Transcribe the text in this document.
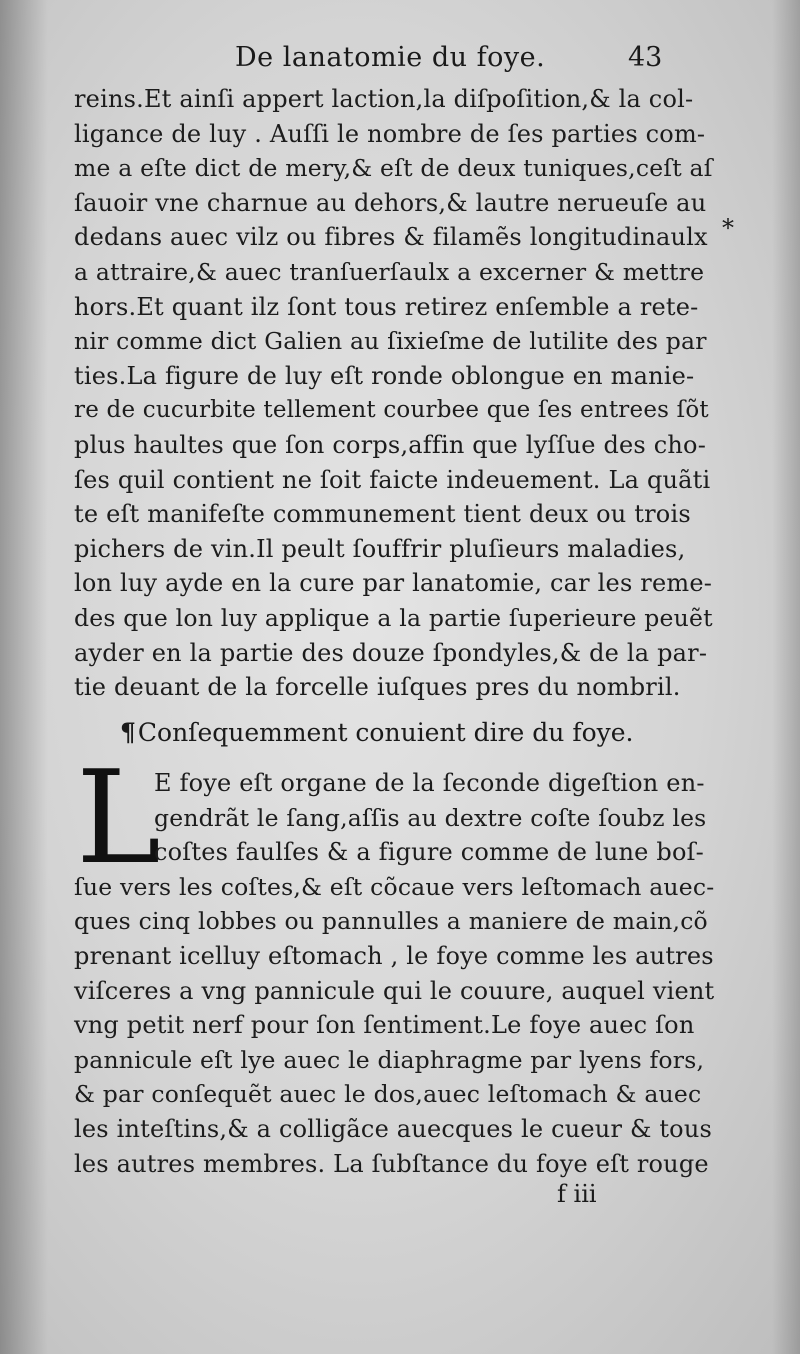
De lanatomie du foye.	43
*
reins.Et ainſi appert laction,la diſpoſition,& la col-
ligance de luy . Auſſi le nombre de ſes parties com-
me a eſte dict de mery,& eſt de deux tuniques,ceſt aſ
ſauoir vne charnue au dehors,& lautre nerueuſe au
dedans auec vilz ou fibres & filamẽs longitudinaulx
a attraire,& auec tranſuerſaulx a excerner & mettre
hors.Et quant ilz ſont tous retirez enſemble a rete-
nir comme dict Galien au ſixieſme de lutilite des par
ties.La figure de luy eſt ronde oblongue en manie-
re de cucurbite tellement courbee que ſes entrees ſõt
plus haultes que ſon corps,affin que lyſſue des cho-
ſes quil contient ne ſoit faicte indeuement. La quãti
te eſt manifeſte communement tient deux ou trois
pichers de vin.Il peult ſouffrir pluſieurs maladies,
lon luy ayde en la cure par lanatomie, car les reme-
des que lon luy applique a la partie ſuperieure peuẽt
ayder en la partie des douze ſpondyles,& de la par-
tie deuant de la forcelle iuſques pres du nombril.
¶Conſequemment conuient dire du foye.
L
E foye eſt organe de la ſeconde digeſtion en-
gendrãt le ſang,aſſis au dextre coſte ſoubz les
coſtes faulſes & a figure comme de lune boſ-
ſue vers les coſtes,& eſt cõcaue vers leſtomach auec-
ques cinq lobbes ou pannulles a maniere de main,cõ
prenant icelluy eſtomach , le foye comme les autres
viſceres a vng pannicule qui le couure, auquel vient
vng petit nerf pour ſon ſentiment.Le foye auec ſon
pannicule eſt lye auec le diaphragme par lyens fors,
& par conſequẽt auec le dos,auec leſtomach & auec
les inteſtins,& a colligãce auecques le cueur & tous
les autres membres. La ſubſtance du foye eſt rouge
f iii
